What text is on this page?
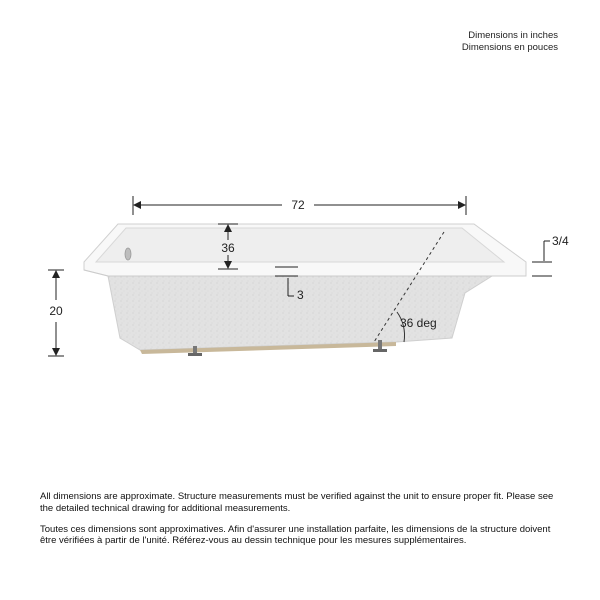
Dimensions in inches
Dimensions en pouces
72
36
3
3/4
20
36 deg

All dimensions are approximate. Structure measurements must be verified against the unit to ensure proper fit. Please see the detailed technical drawing for additional measurements.

Toutes ces dimensions sont approximatives. Afin d'assurer une installation parfaite, les dimensions de la structure doivent être vérifiées à partir de l'unité. Référez-vous au dessin technique pour les mesures supplémentaires.
